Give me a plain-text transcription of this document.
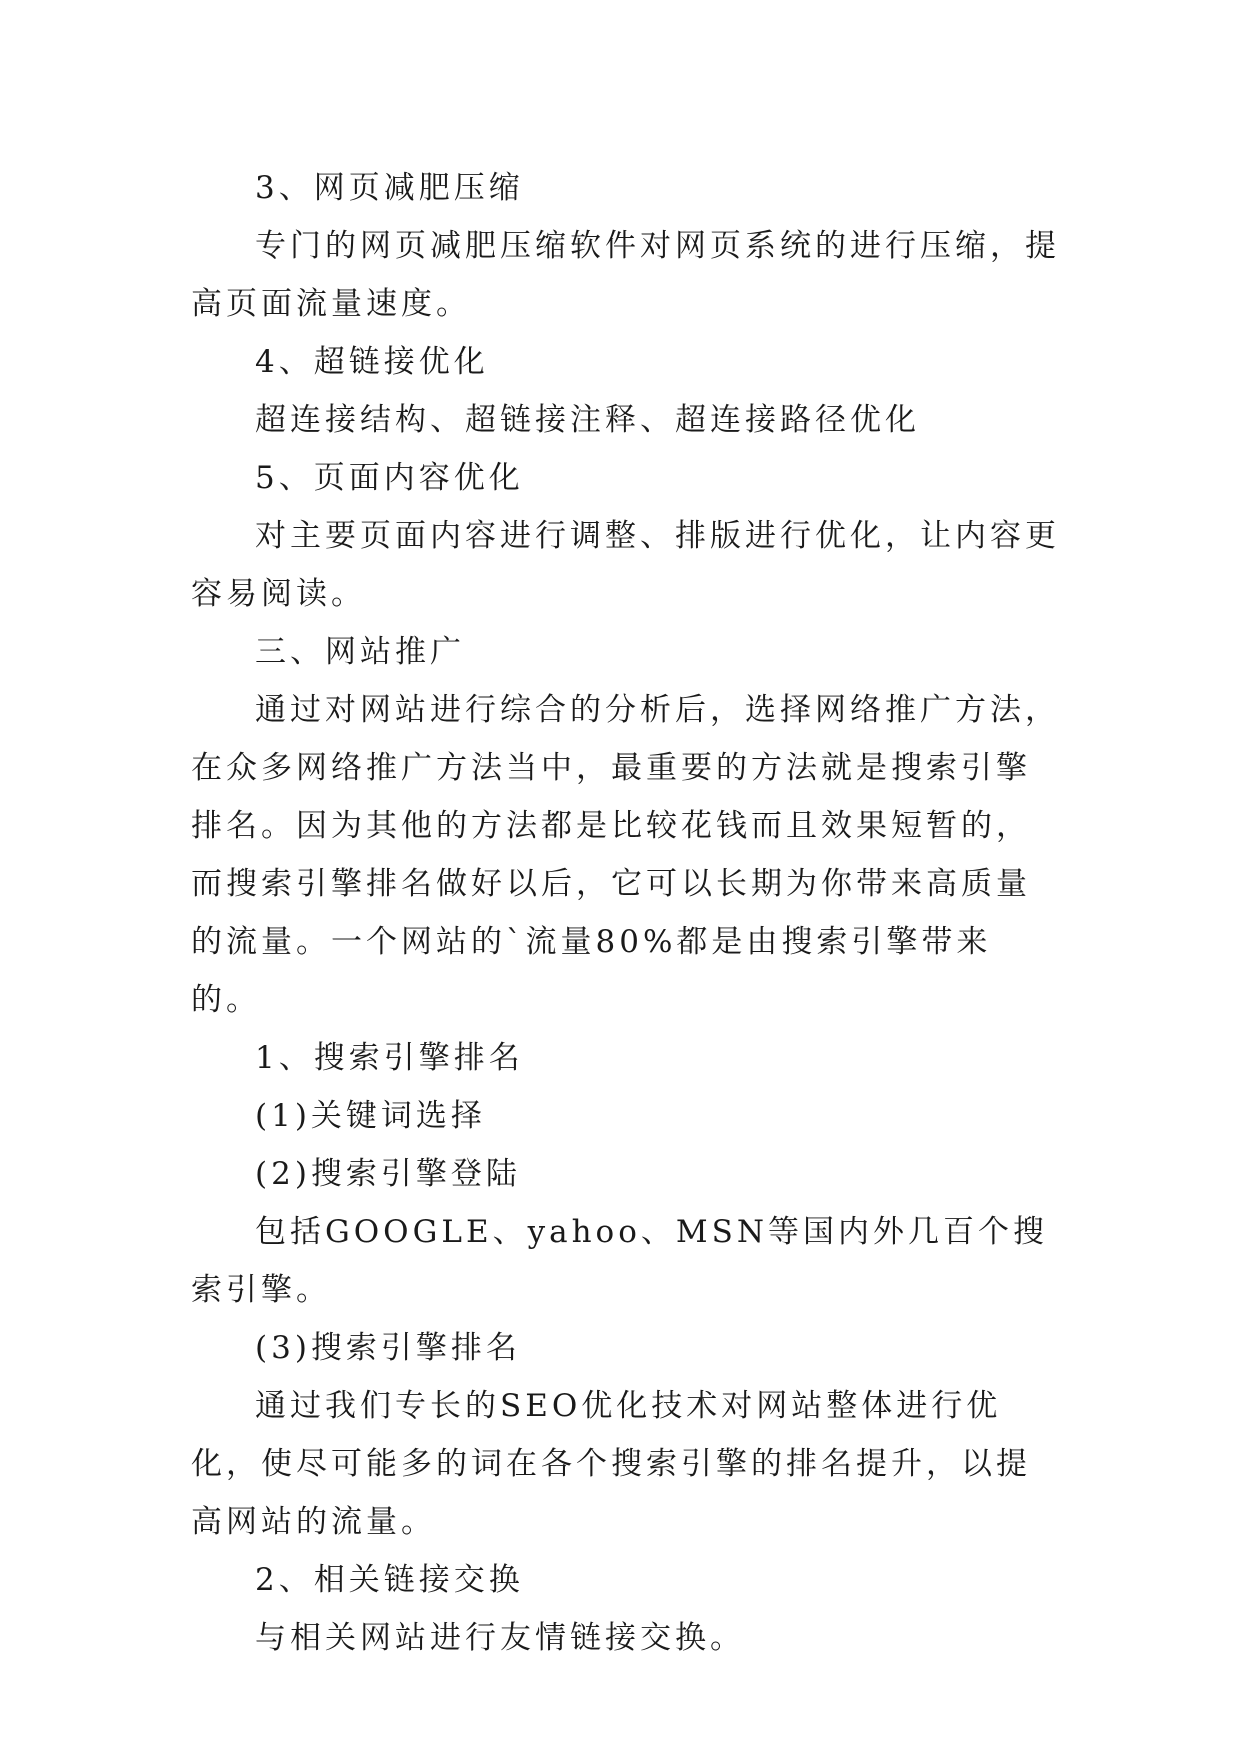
3、网页减肥压缩

专门的网页减肥压缩软件对网页系统的进行压缩，提高页面流量速度。

4、超链接优化

超连接结构、超链接注释、超连接路径优化

5、页面内容优化

对主要页面内容进行调整、排版进行优化，让内容更容易阅读。

三、网站推广

通过对网站进行综合的分析后，选择网络推广方法，在众多网络推广方法当中，最重要的方法就是搜索引擎排名。因为其他的方法都是比较花钱而且效果短暂的，而搜索引擎排名做好以后，它可以长期为你带来高质量的流量。一个网站的`流量80%都是由搜索引擎带来的。

1、搜索引擎排名

(1)关键词选择

(2)搜索引擎登陆

包括GOOGLE、yahoo、MSN等国内外几百个搜索引擎。

(3)搜索引擎排名

通过我们专长的SEO优化技术对网站整体进行优化，使尽可能多的词在各个搜索引擎的排名提升，以提高网站的流量。

2、相关链接交换

与相关网站进行友情链接交换。
